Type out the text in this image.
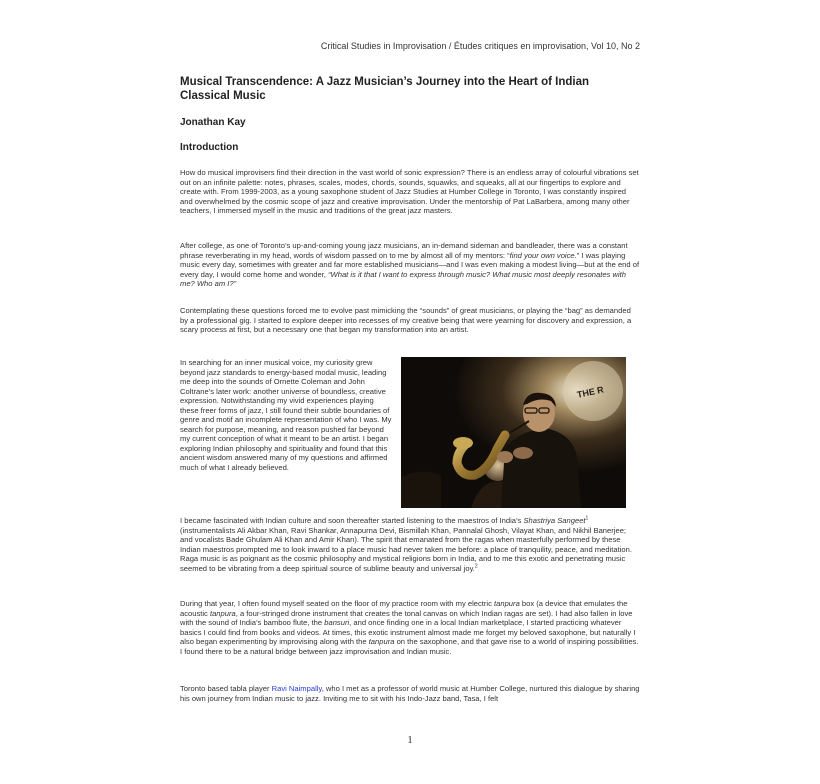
Critical Studies in Improvisation / Études critiques en improvisation, Vol 10, No 2
Musical Transcendence: A Jazz Musician’s Journey into the Heart of Indian Classical Music
Jonathan Kay
Introduction
How do musical improvisers find their direction in the vast world of sonic expression? There is an endless array of colourful vibrations set out on an infinite palette: notes, phrases, scales, modes, chords, sounds, squawks, and squeaks, all at our fingertips to explore and create with. From 1999-2003, as a young saxophone student of Jazz Studies at Humber College in Toronto, I was constantly inspired and overwhelmed by the cosmic scope of jazz and creative improvisation. Under the mentorship of Pat LaBarbera, among many other teachers, I immersed myself in the music and traditions of the great jazz masters.
After college, as one of Toronto’s up-and-coming young jazz musicians, an in-demand sideman and bandleader, there was a constant phrase reverberating in my head, words of wisdom passed on to me by almost all of my mentors: “find your own voice.” I was playing music every day, sometimes with greater and far more established musicians—and I was even making a modest living—but at the end of every day, I would come home and wonder, “What is it that I want to express through music? What music most deeply resonates with me? Who am I?”
Contemplating these questions forced me to evolve past mimicking the “sounds” of great musicians, or playing the “bag” as demanded by a professional gig. I started to explore deeper into recesses of my creative being that were yearning for discovery and expression, a scary process at first, but a necessary one that began my transformation into an artist.
In searching for an inner musical voice, my curiosity grew beyond jazz standards to energy-based modal music, leading me deep into the sounds of Ornette Coleman and John Coltrane’s later work: another universe of boundless, creative expression. Notwithstanding my vivid experiences playing these freer forms of jazz, I still found their subtle boundaries of genre and motif an incomplete representation of who I was. My search for purpose, meaning, and reason pushed far beyond my current conception of what it meant to be an artist. I began exploring Indian philosophy and spirituality and found that this ancient wisdom answered many of my questions and affirmed much of what I already believed.
THE R
I became fascinated with Indian culture and soon thereafter started listening to the maestros of India’s Shastriya Sangeet$^1$ (instrumentalists Ali Akbar Khan, Ravi Shankar, Annapurna Devi, Bismillah Khan, Pannalal Ghosh, Vilayat Khan, and Nikhil Banerjee; and vocalists Bade Ghulam Ali Khan and Amir Khan). The spirit that emanated from the ragas when masterfully performed by these Indian maestros prompted me to look inward to a place music had never taken me before: a place of tranquility, peace, and meditation. Raga music is as poignant as the cosmic philosophy and mystical religions born in India, and to me this exotic and penetrating music seemed to be vibrating from a deep spiritual source of sublime beauty and universal joy.$^2$
During that year, I often found myself seated on the floor of my practice room with my electric tanpura box (a device that emulates the acoustic tanpura, a four-stringed drone instrument that creates the tonal canvas on which Indian ragas are set). I had also fallen in love with the sound of India’s bamboo flute, the bansuri, and once finding one in a local Indian marketplace, I started practicing whatever basics I could find from books and videos. At times, this exotic instrument almost made me forget my beloved saxophone, but naturally I also began experimenting by improvising along with the tanpura on the saxophone, and that gave rise to a world of inspiring possibilities. I found there to be a natural bridge between jazz improvisation and Indian music.
Toronto based tabla player Ravi Naimpally, who I met as a professor of world music at Humber College, nurtured this dialogue by sharing his own journey from Indian music to jazz. Inviting me to sit with his Indo-Jazz band, Tasa, I felt
1
